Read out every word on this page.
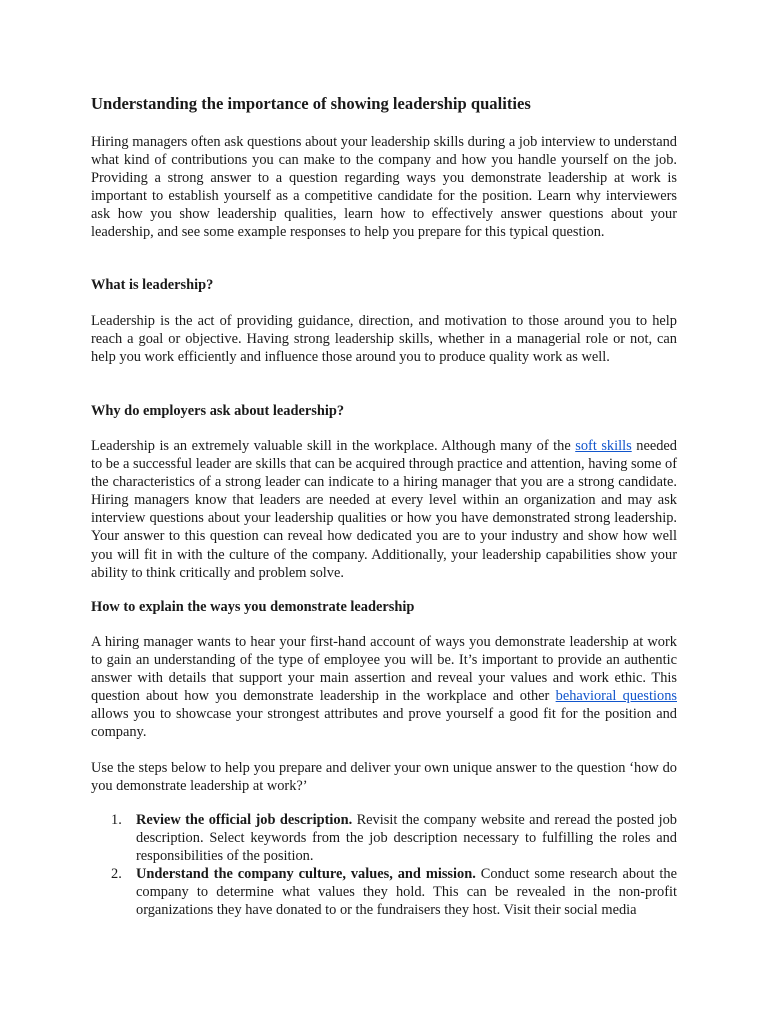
Understanding the importance of showing leadership qualities

Hiring managers often ask questions about your leadership skills during a job interview to understand what kind of contributions you can make to the company and how you handle yourself on the job. Providing a strong answer to a question regarding ways you demonstrate leadership at work is important to establish yourself as a competitive candidate for the position. Learn why interviewers ask how you show leadership qualities, learn how to effectively answer questions about your leadership, and see some example responses to help you prepare for this typical question.

What is leadership?

Leadership is the act of providing guidance, direction, and motivation to those around you to help reach a goal or objective. Having strong leadership skills, whether in a managerial role or not, can help you work efficiently and influence those around you to produce quality work as well.

Why do employers ask about leadership?

Leadership is an extremely valuable skill in the workplace. Although many of the soft skills needed to be a successful leader are skills that can be acquired through practice and attention, having some of the characteristics of a strong leader can indicate to a hiring manager that you are a strong candidate. Hiring managers know that leaders are needed at every level within an organization and may ask interview questions about your leadership qualities or how you have demonstrated strong leadership. Your answer to this question can reveal how dedicated you are to your industry and show how well you will fit in with the culture of the company. Additionally, your leadership capabilities show your ability to think critically and problem solve.

How to explain the ways you demonstrate leadership

A hiring manager wants to hear your first-hand account of ways you demonstrate leadership at work to gain an understanding of the type of employee you will be. It’s important to provide an authentic answer with details that support your main assertion and reveal your values and work ethic. This question about how you demonstrate leadership in the workplace and other behavioral questions allows you to showcase your strongest attributes and prove yourself a good fit for the position and company.

Use the steps below to help you prepare and deliver your own unique answer to the question ‘how do you demonstrate leadership at work?’

1. Review the official job description. Revisit the company website and reread the posted job description. Select keywords from the job description necessary to fulfilling the roles and responsibilities of the position.
2. Understand the company culture, values, and mission. Conduct some research about the company to determine what values they hold. This can be revealed in the non-profit organizations they have donated to or the fundraisers they host. Visit their social media
